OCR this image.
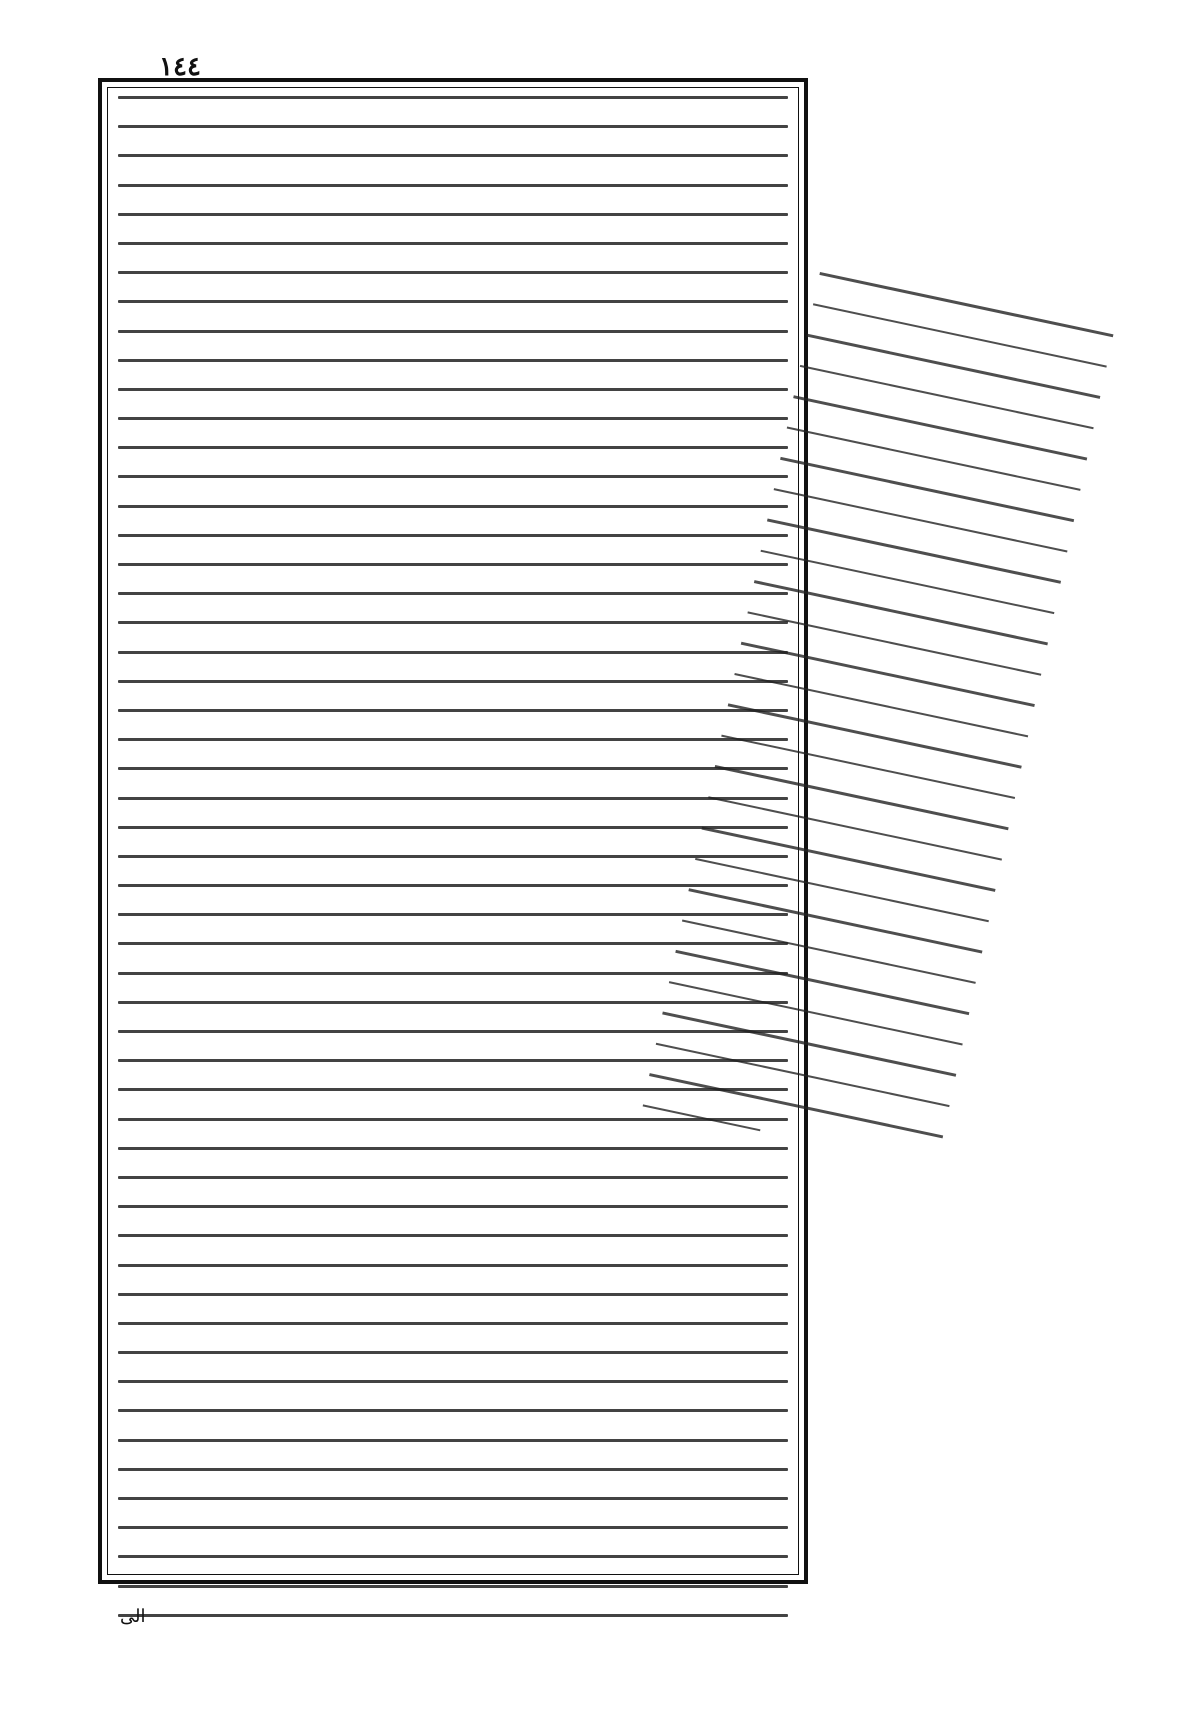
١٤٤
الى
